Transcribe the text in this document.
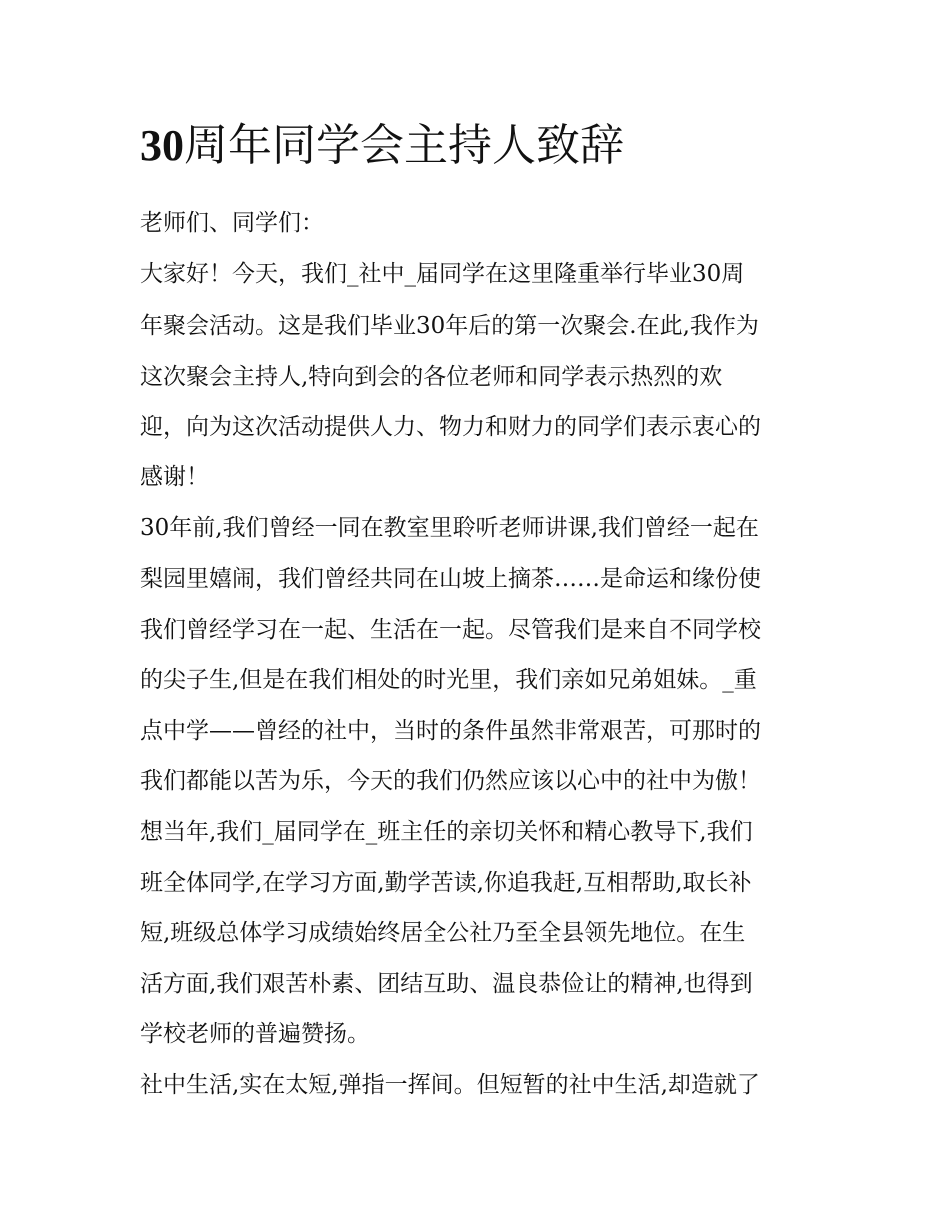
30周年同学会主持人致辞

老师们、同学们：

大家好！今天，我们_社中_届同学在这里隆重举行毕业30周

年聚会活动。这是我们毕业30年后的第一次聚会.在此,我作为

这次聚会主持人,特向到会的各位老师和同学表示热烈的欢

迎，向为这次活动提供人力、物力和财力的同学们表示衷心的

感谢！

30年前,我们曾经一同在教室里聆听老师讲课,我们曾经一起在

梨园里嬉闹，我们曾经共同在山坡上摘茶……是命运和缘份使

我们曾经学习在一起、生活在一起。尽管我们是来自不同学校

的尖子生,但是在我们相处的时光里，我们亲如兄弟姐妹。_重

点中学——曾经的社中，当时的条件虽然非常艰苦，可那时的

我们都能以苦为乐，今天的我们仍然应该以心中的社中为傲！

想当年,我们_届同学在_班主任的亲切关怀和精心教导下,我们

班全体同学,在学习方面,勤学苦读,你追我赶,互相帮助,取长补

短,班级总体学习成绩始终居全公社乃至全县领先地位。在生

活方面,我们艰苦朴素、团结互助、温良恭俭让的精神,也得到

学校老师的普遍赞扬。

社中生活,实在太短,弹指一挥间。但短暂的社中生活,却造就了
